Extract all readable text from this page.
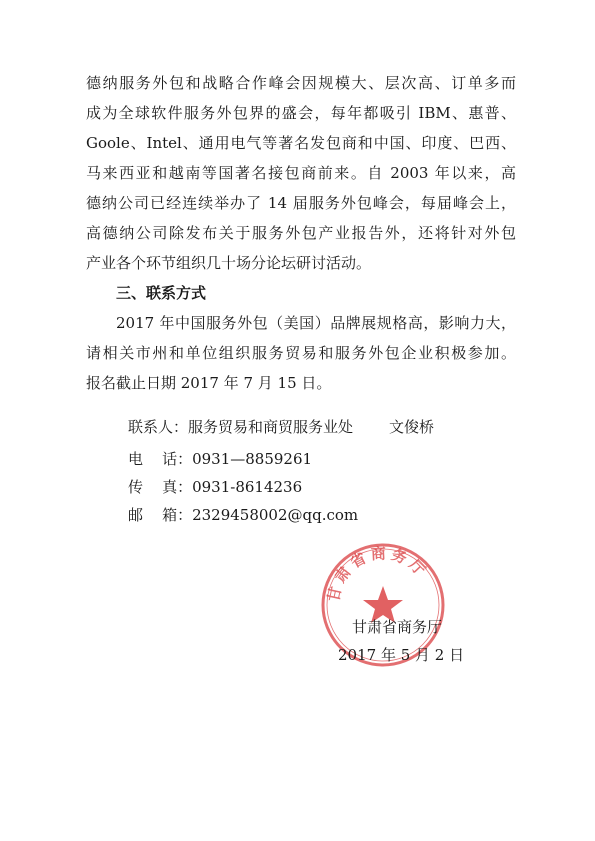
德纳服务外包和战略合作峰会因规模大、层次高、订单多而
成为全球软件服务外包界的盛会，每年都吸引 IBM、惠普、
Goole、Intel、通用电气等著名发包商和中国、印度、巴西、
马来西亚和越南等国著名接包商前来。自 2003 年以来，高
德纳公司已经连续举办了 14 届服务外包峰会，每届峰会上，
高德纳公司除发布关于服务外包产业报告外，还将针对外包
产业各个环节组织几十场分论坛研讨活动。
三、联系方式
2017 年中国服务外包（美国）品牌展规格高，影响力大，
请相关市州和单位组织服务贸易和服务外包企业积极参加。
报名截止日期 2017 年 7 月 15 日。
联系人：服务贸易和商贸服务业处 文俊桥
电    话：0931—8859261
传    真：0931-8614236
邮    箱：2329458002@qq.com
甘肃省商务厅
甘肃省商务厅
2017 年 5 月 2 日
